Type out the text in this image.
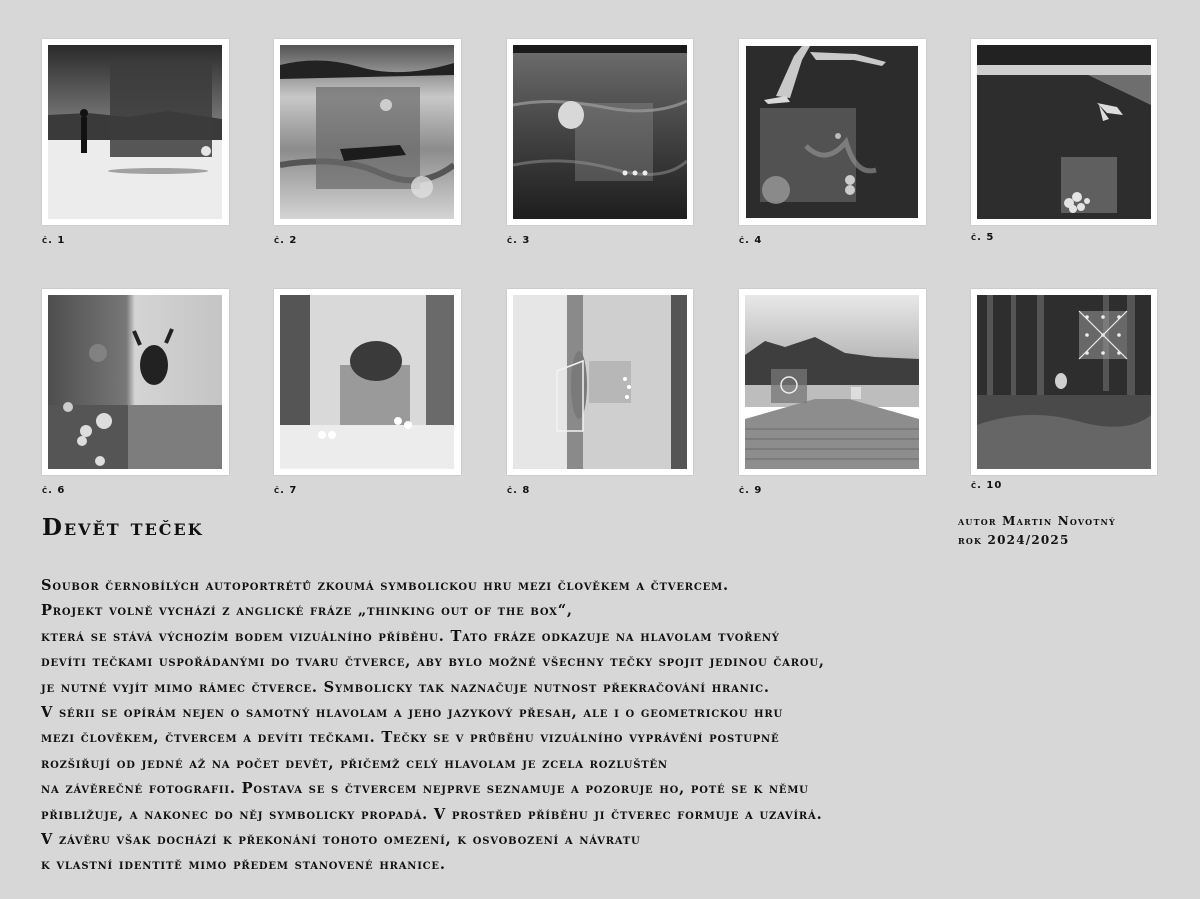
č. 1	č. 2	č. 3	č. 4	č. 5
č. 6	č. 7	č. 8	č. 9	č. 10
Devět teček	autor Martin Novotný
rok 2024/2025
Soubor černobílých autoportrétů zkoumá symbolickou hru mezi člověkem a čtvercem.
Projekt volně vychází z anglické fráze „thinking out of the box“,
která se stává výchozím bodem vizuálního příběhu. Tato fráze odkazuje na hlavolam tvořený
devíti tečkami uspořádanými do tvaru čtverce, aby bylo možné všechny tečky spojit jedinou čarou,
je nutné vyjít mimo rámec čtverce. Symbolicky tak naznačuje nutnost překračování hranic.
V sérii se opírám nejen o samotný hlavolam a jeho jazykový přesah, ale i o geometrickou hru
mezi člověkem, čtvercem a devíti tečkami. Tečky se v průběhu vizuálního vyprávění postupně
rozšiřují od jedné až na počet devět, přičemž celý hlavolam je zcela rozluštěn
na závěrečné fotografii. Postava se s čtvercem nejprve seznamuje a pozoruje ho, poté se k němu
přibližuje, a nakonec do něj symbolicky propadá. V prostřed příběhu ji čtverec formuje a uzavírá.
V závěru však dochází k překonání tohoto omezení, k osvobození a návratu
k vlastní identitě mimo předem stanovené hranice.
